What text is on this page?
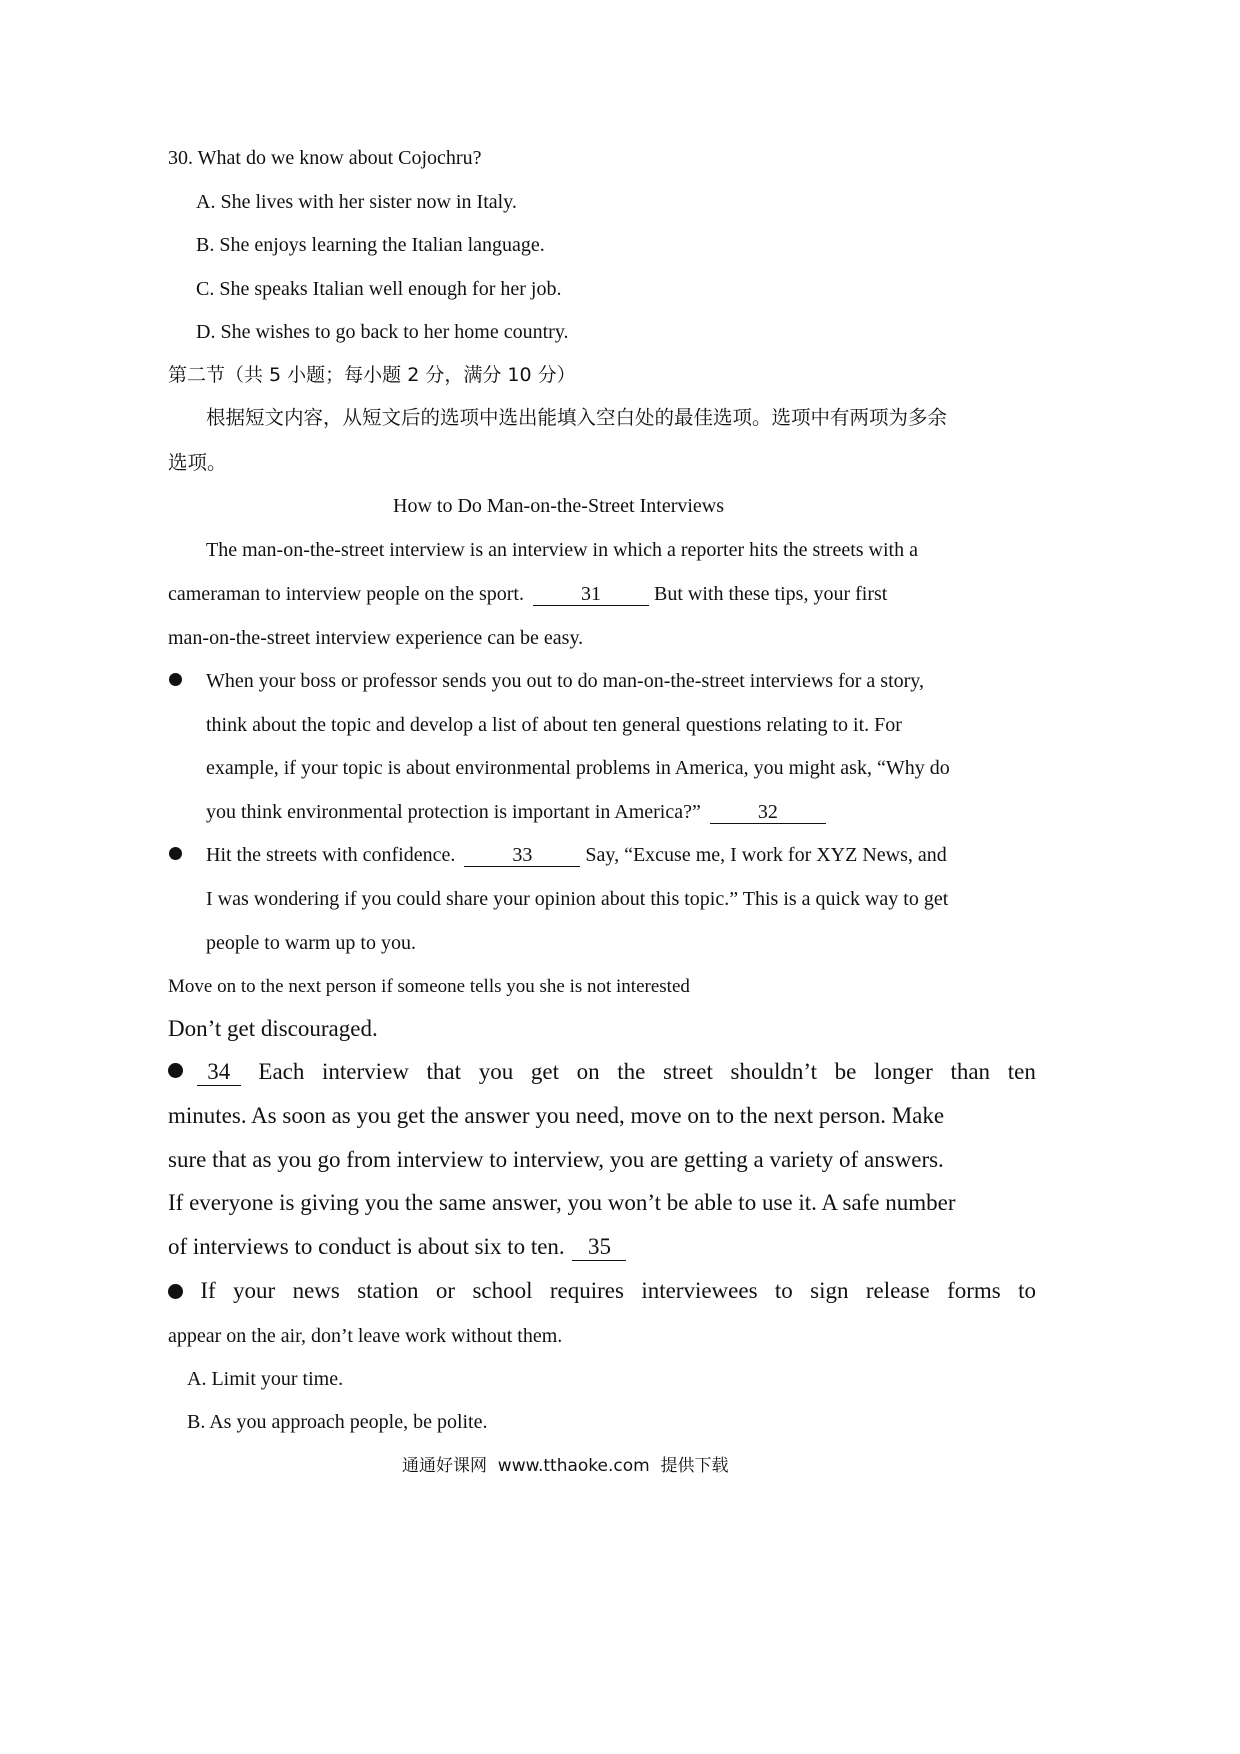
30. What do we know about Cojochru?
A. She lives with her sister now in Italy.
B. She enjoys learning the Italian language.
C. She speaks Italian well enough for her job.
D. She wishes to go back to her home country.
第二节（共 5 小题；每小题 2 分，满分 10 分）
根据短文内容，从短文后的选项中选出能填入空白处的最佳选项。选项中有两项为多余
选项。
How to Do Man-on-the-Street Interviews
The man-on-the-street interview is an interview in which a reporter hits the streets with a
cameraman to interview people on the sport.	31	But with these tips, your first
man-on-the-street interview experience can be easy.
When your boss or professor sends you out to do man-on-the-street interviews for a story,
think about the topic and develop a list of about ten general questions relating to it. For
example, if your topic is about environmental problems in America, you might ask, “Why do
you think environmental protection is important in America?”	32
Hit the streets with confidence.	33	Say, “Excuse me, I work for XYZ News, and
I was wondering if you could share your opinion about this topic.” This is a quick way to get
people to warm up to you.
Move on to the next person if someone tells you she is not interested
Don’t get discouraged.
34	Each interview that you get on the street shouldn’t be longer than ten
minutes. As soon as you get the answer you need, move on to the next person. Make
sure that as you go from interview to interview, you are getting a variety of answers.
If everyone is giving you the same answer, you won’t be able to use it. A safe number
of interviews to conduct is about six to ten. 35
If your news station or school requires interviewees to sign release forms to
appear on the air, don’t leave work without them.
A. Limit your time.
B. As you approach people, be polite.
通通好课网  www.tthaoke.com  提供下载
